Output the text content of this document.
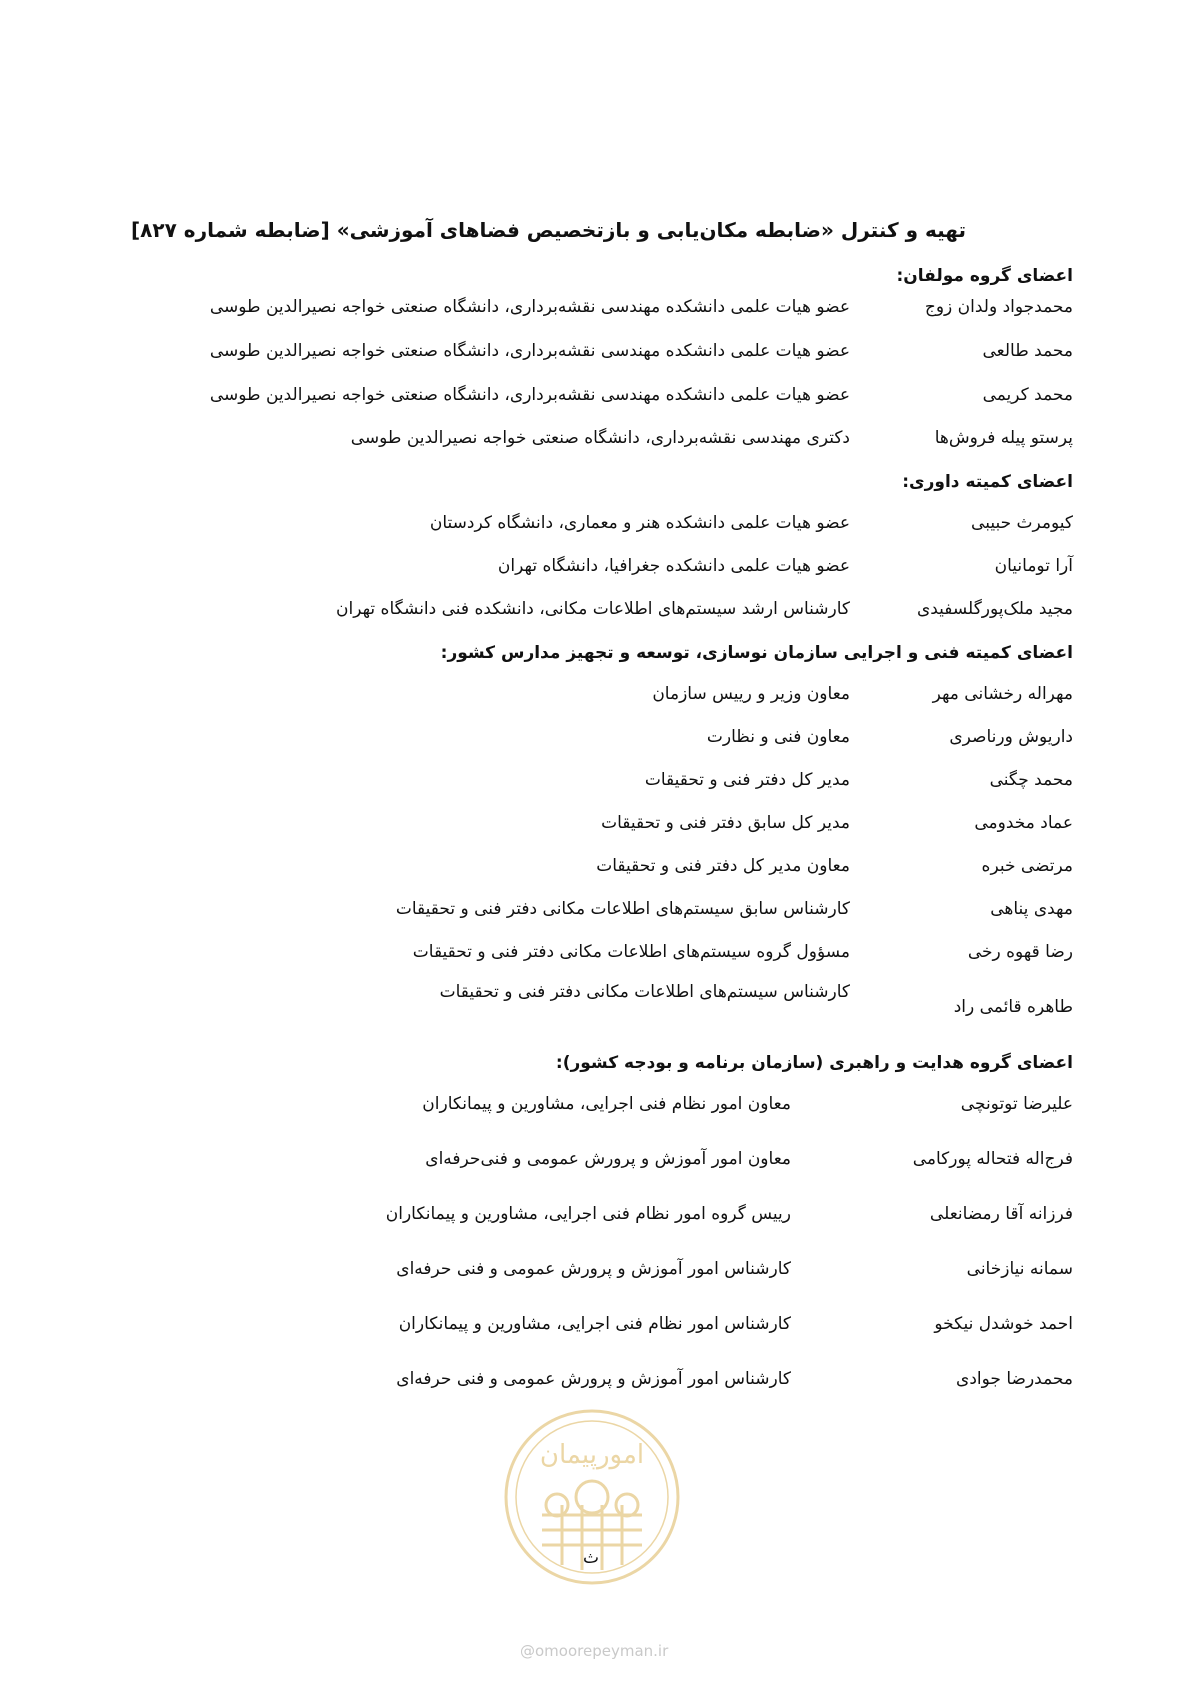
تهیه و کنترل «ضابطه مکان‌یابی و بازتخصیص فضاهای آموزشی» [ضابطه شماره ۸۲۷]
اعضای گروه مولفان:
محمدجواد ولدان زوج
عضو هیات علمی دانشکده مهندسی نقشه‌برداری، دانشگاه صنعتی خواجه نصیرالدین طوسی
محمد طالعی
عضو هیات علمی دانشکده مهندسی نقشه‌برداری، دانشگاه صنعتی خواجه نصیرالدین طوسی
محمد کریمی
عضو هیات علمی دانشکده مهندسی نقشه‌برداری، دانشگاه صنعتی خواجه نصیرالدین طوسی
پرستو پیله فروش‌ها
دکتری مهندسی نقشه‌برداری، دانشگاه صنعتی خواجه نصیرالدین طوسی
اعضای کمیته داوری:
کیومرث حبیبی
عضو هیات علمی دانشکده هنر و معماری، دانشگاه کردستان
آرا تومانیان
عضو هیات علمی دانشکده جغرافیا، دانشگاه تهران
مجید ملک‌پورگلسفیدی
کارشناس ارشد سیستم‌های اطلاعات مکانی، دانشکده فنی دانشگاه تهران
اعضای کمیته فنی و اجرایی سازمان نوسازی، توسعه و تجهیز مدارس کشور:
مهراله رخشانی مهر
معاون وزیر و رییس سازمان
داریوش ورناصری
معاون فنی و نظارت
محمد چگنی
مدیر کل دفتر فنی و تحقیقات
عماد مخدومی
مدیر کل سابق دفتر فنی و تحقیقات
مرتضی خبره
معاون مدیر کل دفتر فنی و تحقیقات
مهدی پناهی
کارشناس سابق سیستم‌های اطلاعات مکانی دفتر فنی و تحقیقات
رضا قهوه رخی
مسؤول گروه سیستم‌های اطلاعات مکانی دفتر فنی و تحقیقات
طاهره قائمی راد
کارشناس سیستم‌های اطلاعات مکانی دفتر فنی و تحقیقات
اعضای گروه هدایت و راهبری (سازمان برنامه و بودجه کشور):
علیرضا توتونچی
معاون امور نظام فنی اجرایی، مشاورین و پیمانکاران
فرج‌اله فتحاله پورکامی
معاون امور آموزش و پرورش عمومی و فنی‌حرفه‌ای
فرزانه آقا رمضانعلی
رییس گروه امور نظام فنی اجرایی، مشاورین و پیمانکاران
سمانه نیازخانی
کارشناس امور آموزش و پرورش عمومی و فنی حرفه‌ای
احمد خوشدل نیکخو
کارشناس امور نظام فنی اجرایی، مشاورین و پیمانکاران
محمدرضا جوادی
کارشناس امور آموزش و پرورش عمومی و فنی حرفه‌ای
امورپیمان
ث
@omoorepeyman.ir
